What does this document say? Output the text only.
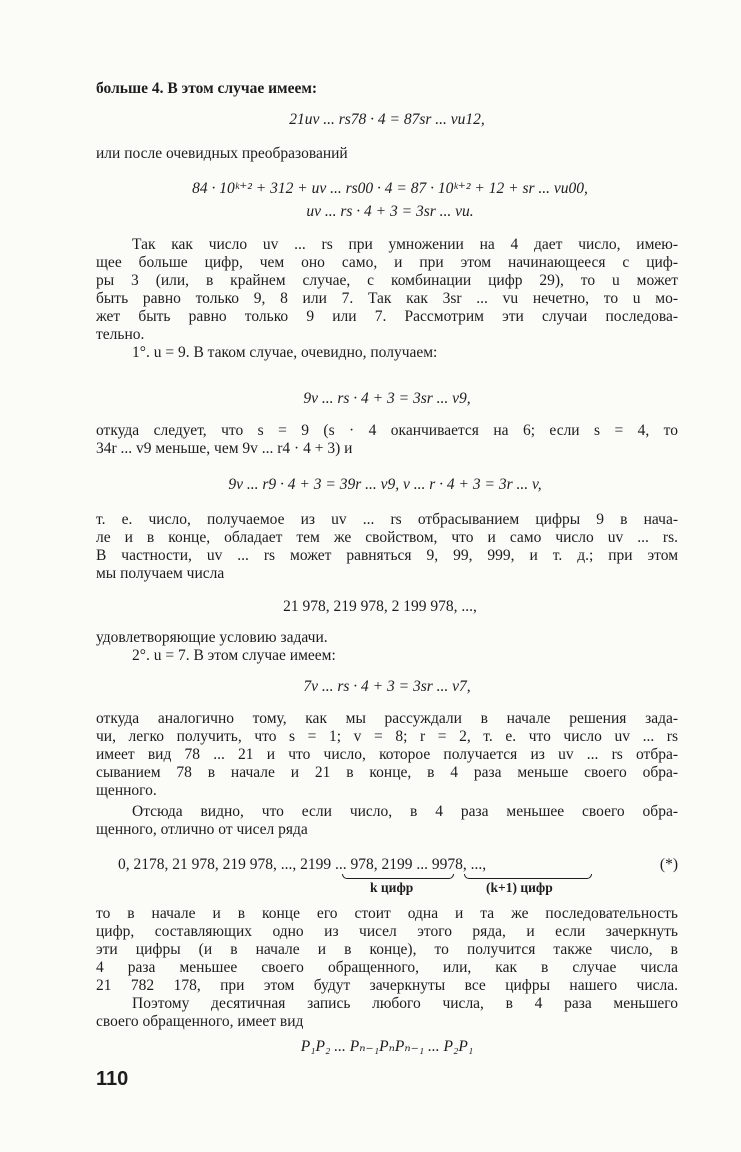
больше 4. В этом случае имеем:
21uv ... rs78 · 4 = 87sr ... vu12,
или после очевидных преобразований
84 · 10ᵏ⁺² + 312 + uv ... rs00 · 4 = 87 · 10ᵏ⁺² + 12 + sr ... vu00,
uv ... rs · 4 + 3 = 3sr ... vu.
Так как число uv ... rs при умножении на 4 дает число, имею-
щее больше цифр, чем оно само, и при этом начинающееся с циф-
ры 3 (или, в крайнем случае, с комбинации цифр 29), то u может
быть равно только 9, 8 или 7. Так как 3sr ... vu нечетно, то u мо-
жет быть равно только 9 или 7. Рассмотрим эти случаи последова-
тельно.
1°. u = 9. В таком случае, очевидно, получаем:
9v ... rs · 4 + 3 = 3sr ... v9,
откуда следует, что s = 9 (s · 4 оканчивается на 6; если s = 4, то
34r ... v9 меньше, чем 9v ... r4 · 4 + 3) и
9v ... r9 · 4 + 3 = 39r ... v9, v ... r · 4 + 3 = 3r ... v,
т. е. число, получаемое из uv ... rs отбрасыванием цифры 9 в нача-
ле и в конце, обладает тем же свойством, что и само число uv ... rs.
В частности, uv ... rs может равняться 9, 99, 999, и т. д.; при этом
мы получаем числа
21 978, 219 978, 2 199 978, ...,
удовлетворяющие условию задачи.
2°. u = 7. В этом случае имеем:
7v ... rs · 4 + 3 = 3sr ... v7,
откуда аналогично тому, как мы рассуждали в начале решения зада-
чи, легко получить, что s = 1; v = 8; r = 2, т. е. что число uv ... rs
имеет вид 78 ... 21 и что число, которое получается из uv ... rs отбра-
сыванием 78 в начале и 21 в конце, в 4 раза меньше своего обра-
щенного.
Отсюда видно, что если число, в 4 раза меньшее своего обра-
щенного, отлично от чисел ряда
0, 2178, 21 978, 219 978, ..., 2199 ... 978, 2199 ... 9978, ...,	(*)
k цифр	(k+1) цифр
то в начале и в конце его стоит одна и та же последовательность
цифр, составляющих одно из чисел этого ряда, и если зачеркнуть
эти цифры (и в начале и в конце), то получится также число, в
4 раза меньшее своего обращенного, или, как в случае числа
21 782 178, при этом будут зачеркнуты все цифры нашего числа.
Поэтому десятичная запись любого числа, в 4 раза меньшего
своего обращенного, имеет вид
P₁P₂ ... Pₙ₋₁PₙPₙ₋₁ ... P₂P₁
110
